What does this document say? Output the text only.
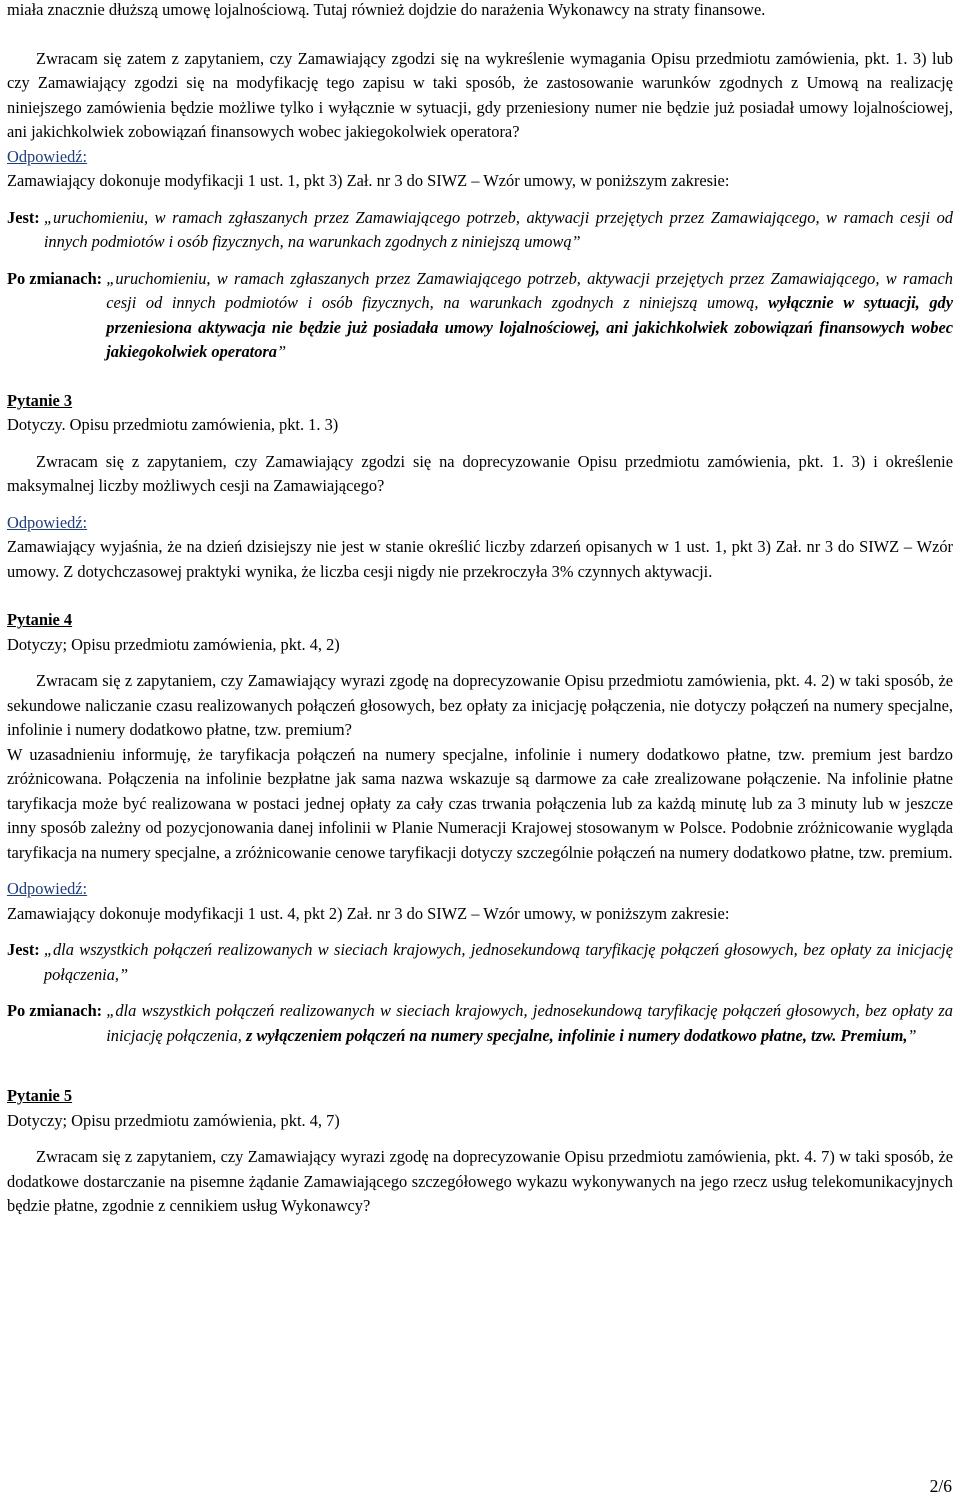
miała znacznie dłuższą umowę lojalnościową. Tutaj również dojdzie do narażenia Wykonawcy na straty finansowe.

Zwracam się zatem z zapytaniem, czy Zamawiający zgodzi się na wykreślenie wymagania Opisu przedmiotu zamówienia, pkt. 1. 3) lub czy Zamawiający zgodzi się na modyfikację tego zapisu w taki sposób, że zastosowanie warunków zgodnych z Umową na realizację niniejszego zamówienia będzie możliwe tylko i wyłącznie w sytuacji, gdy przeniesiony numer nie będzie już posiadał umowy lojalnościowej, ani jakichkolwiek zobowiązań finansowych wobec jakiegokolwiek operatora?

Odpowiedź:

Zamawiający dokonuje modyfikacji 1 ust. 1, pkt 3) Zał. nr 3 do SIWZ – Wzór umowy, w poniższym zakresie:

Jest: „uruchomieniu, w ramach zgłaszanych przez Zamawiającego potrzeb, aktywacji przejętych przez Zamawiającego, w ramach cesji od innych podmiotów i osób fizycznych, na warunkach zgodnych z niniejszą umową”
Po zmianach: „uruchomieniu, w ramach zgłaszanych przez Zamawiającego potrzeb, aktywacji przejętych przez Zamawiającego, w ramach cesji od innych podmiotów i osób fizycznych, na warunkach zgodnych z niniejszą umową, wyłącznie w sytuacji, gdy przeniesiona aktywacja nie będzie już posiadała umowy lojalnościowej, ani jakichkolwiek zobowiązań finansowych wobec jakiegokolwiek operatora”

Pytanie 3

Dotyczy. Opisu przedmiotu zamówienia, pkt. 1. 3)

Zwracam się z zapytaniem, czy Zamawiający zgodzi się na doprecyzowanie Opisu przedmiotu zamówienia, pkt. 1. 3) i określenie maksymalnej liczby możliwych cesji na Zamawiającego?

Odpowiedź:

Zamawiający wyjaśnia, że na dzień dzisiejszy nie jest w stanie określić liczby zdarzeń opisanych w 1 ust. 1, pkt 3) Zał. nr 3 do SIWZ – Wzór umowy. Z dotychczasowej praktyki wynika, że liczba cesji nigdy nie przekroczyła 3% czynnych aktywacji.

Pytanie 4

Dotyczy; Opisu przedmiotu zamówienia, pkt. 4, 2)

Zwracam się z zapytaniem, czy Zamawiający wyrazi zgodę na doprecyzowanie Opisu przedmiotu zamówienia, pkt. 4. 2) w taki sposób, że sekundowe naliczanie czasu realizowanych połączeń głosowych, bez opłaty za inicjację połączenia, nie dotyczy połączeń na numery specjalne, infolinie i numery dodatkowo płatne, tzw. premium?

W uzasadnieniu informuję, że taryfikacja połączeń na numery specjalne, infolinie i numery dodatkowo płatne, tzw. premium jest bardzo zróżnicowana. Połączenia na infolinie bezpłatne jak sama nazwa wskazuje są darmowe za całe zrealizowane połączenie. Na infolinie płatne taryfikacja może być realizowana w postaci jednej opłaty za cały czas trwania połączenia lub za każdą minutę lub za 3 minuty lub w jeszcze inny sposób zależny od pozycjonowania danej infolinii w Planie Numeracji Krajowej stosowanym w Polsce. Podobnie zróżnicowanie wygląda taryfikacja na numery specjalne, a zróżnicowanie cenowe taryfikacji dotyczy szczególnie połączeń na numery dodatkowo płatne, tzw. premium.

Odpowiedź:

Zamawiający dokonuje modyfikacji 1 ust. 4, pkt 2) Zał. nr 3 do SIWZ – Wzór umowy, w poniższym zakresie:

Jest: „dla wszystkich połączeń realizowanych w sieciach krajowych, jednosekundową taryfikację połączeń głosowych, bez opłaty za inicjację połączenia,”
Po zmianach: „dla wszystkich połączeń realizowanych w sieciach krajowych, jednosekundową taryfikację połączeń głosowych, bez opłaty za inicjację połączenia, z wyłączeniem połączeń na numery specjalne, infolinie i numery dodatkowo płatne, tzw. Premium,”

Pytanie 5

Dotyczy; Opisu przedmiotu zamówienia, pkt. 4, 7)

Zwracam się z zapytaniem, czy Zamawiający wyrazi zgodę na doprecyzowanie Opisu przedmiotu zamówienia, pkt. 4. 7) w taki sposób, że dodatkowe dostarczanie na pisemne żądanie Zamawiającego szczegółowego wykazu wykonywanych na jego rzecz usług telekomunikacyjnych będzie płatne, zgodnie z cennikiem usług Wykonawcy?

2/6
